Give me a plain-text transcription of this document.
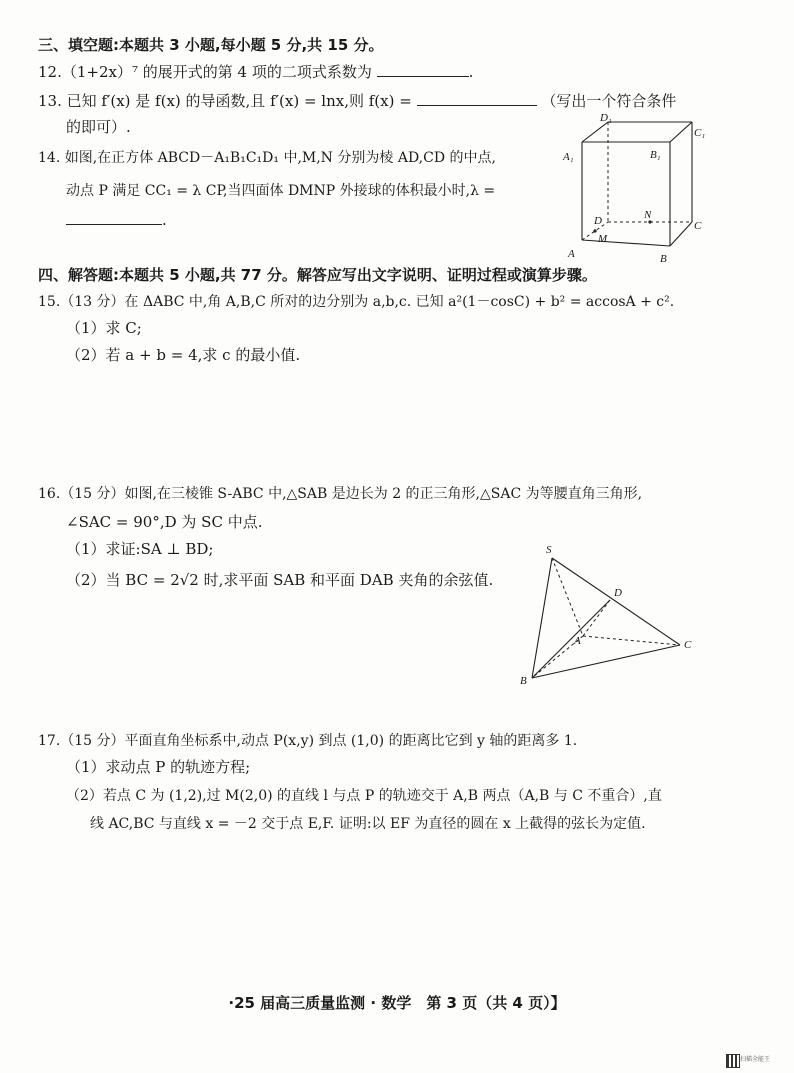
三、填空题:本题共 3 小题,每小题 5 分,共 15 分。
12.（1+2x）⁷ 的展开式的第 4 项的二项式系数为	.
13. 已知 f′(x) 是 f(x) 的导函数,且 f′(x) = lnx,则 f(x) =	（写出一个符合条件
的即可）.
14. 如图,在正方体 ABCD－A₁B₁C₁D₁ 中,M,N 分别为棱 AD,CD 的中点,
动点 P 满足 CC₁ = λ CP,当四面体 DMNP 外接球的体积最小时,λ =
.
D₁
C₁
A₁	B₁
D	N
C
A
M
B
四、解答题:本题共 5 小题,共 77 分。解答应写出文字说明、证明过程或演算步骤。
15.（13 分）在 ΔABC 中,角 A,B,C 所对的边分别为 a,b,c. 已知 a²(1－cosC) + b² = accosA + c².
（1）求 C;
（2）若 a + b = 4,求 c 的最小值.
16.（15 分）如图,在三棱锥 S-ABC 中,△SAB 是边长为 2 的正三角形,△SAC 为等腰直角三角形,
∠SAC = 90°,D 为 SC 中点.
（1）求证:SA ⊥ BD;
（2）当 BC = 2√2 时,求平面 SAB 和平面 DAB 夹角的余弦值.
S
D
A	C
B
17.（15 分）平面直角坐标系中,动点 P(x,y) 到点 (1,0) 的距离比它到 y 轴的距离多 1.
（1）求动点 P 的轨迹方程;
（2）若点 C 为 (1,2),过 M(2,0) 的直线 l 与点 P 的轨迹交于 A,B 两点（A,B 与 C 不重合）,直
线 AC,BC 与直线 x = －2 交于点 E,F. 证明:以 EF 为直径的圆在 x 上截得的弦长为定值.
·25 届高三质量监测 · 数学　第 3 页（共 4 页）】
扫描全能王
